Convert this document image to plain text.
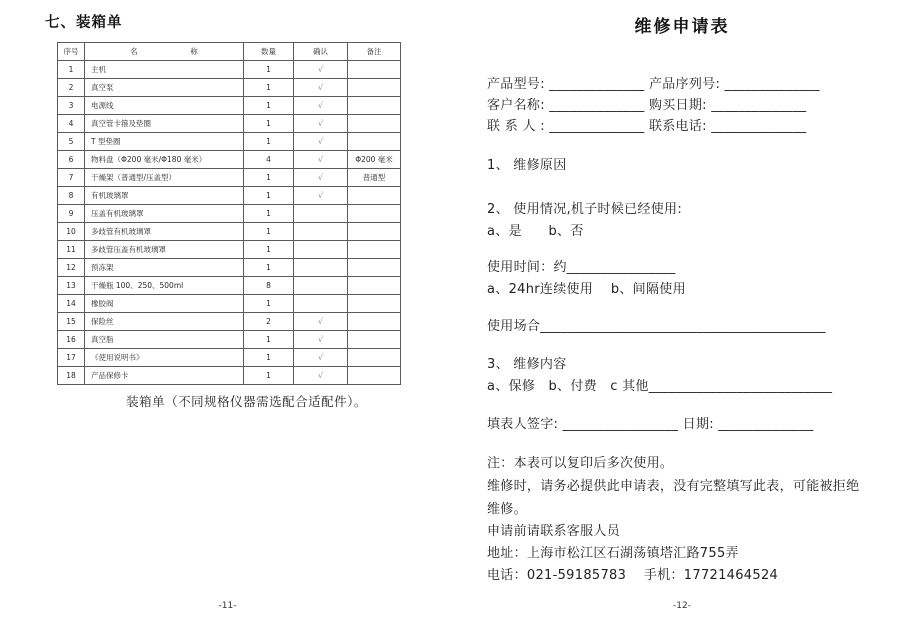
七、装箱单
序号	名　　　　　　　称	数量	确认	备注
1	主机	1	√	
2	真空泵	1	√	
3	电源线	1	√	
4	真空管卡箍及垫圈	1	√	
5	T 型垫圈	1	√	
6	物料盘（Φ200 毫米/Φ180 毫米）	4	√	Φ200 毫米
7	干燥架（普通型/压盖型）	1	√	普通型
8	有机玻璃罩	1	√	
9	压盖有机玻璃罩	1		
10	多歧管有机玻璃罩	1		
11	多歧管压盖有机玻璃罩	1		
12	预冻架	1		
13	干燥瓶 100、250、500ml	8		
14	橡胶阀	1		
15	保险丝	2	√	
16	真空脂	1	√	
17	《使用说明书》	1	√	
18	产品保修卡	1	√	
装箱单（不同规格仪器需选配合适配件）。
-11-
维修申请表
产品型号: ______________ 产品序列号: ______________
客户名称: ______________ 购买日期: ______________
联 系 人 : ______________ 联系电话: ______________
1、 维修原因
2、 使用情况,机子时候已经使用:
a、是　　b、否
使用时间：约________________
a、24hr连续使用　 b、间隔使用
使用场合__________________________________________
3、 维修内容
a、保修　b、付费　c 其他___________________________
填表人签字: _________________ 日期: ______________
注：本表可以复印后多次使用。
维修时，请务必提供此申请表，没有完整填写此表，可能被拒绝
维修。
申请前请联系客服人员
地址：上海市松江区石湖荡镇塔汇路755弄
电话：021-59185783　 手机：17721464524
-12-
